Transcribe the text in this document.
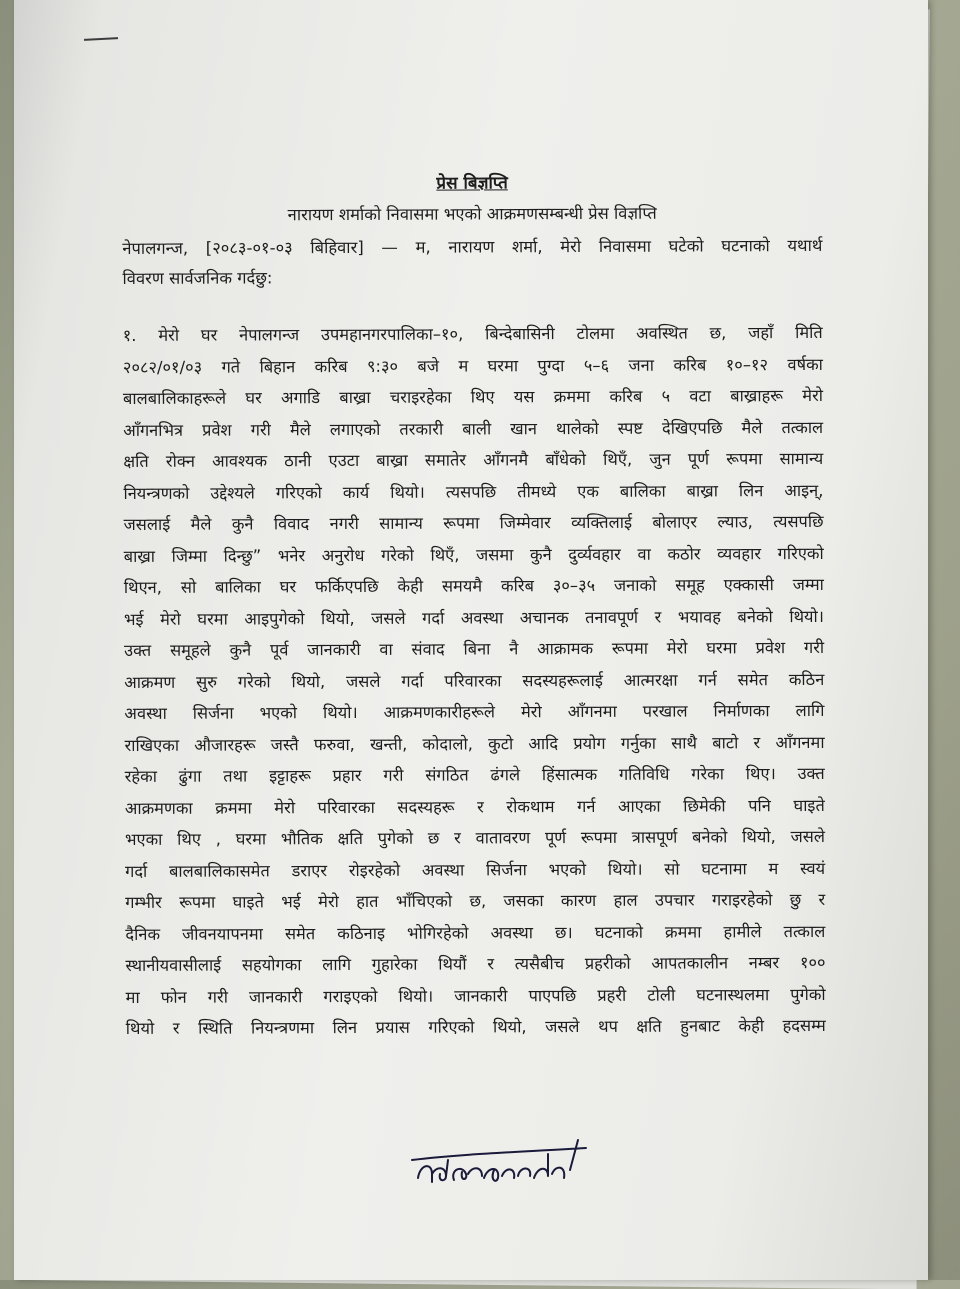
प्रेस बिज्ञप्ति
नारायण शर्माको निवासमा भएको आक्रमणसम्बन्धी प्रेस विज्ञप्ति
नेपालगन्ज, [२०८३-०१-०३ बिहिवार] — म, नारायण शर्मा, मेरो निवासमा घटेको घटनाको यथार्थ
विवरण सार्वजनिक गर्दछु:
१. मेरो घर नेपालगन्ज उपमहानगरपालिका–१०, बिन्देबासिनी टोलमा अवस्थित छ, जहाँ मिति
२०८२/०१/०३ गते बिहान करिब ९:३० बजे म घरमा पुग्दा ५–६ जना करिब १०–१२ वर्षका
बालबालिकाहरूले घर अगाडि बाख्रा चराइरहेका थिए यस क्रममा करिब ५ वटा बाख्राहरू मेरो
आँगनभित्र प्रवेश गरी मैले लगाएको तरकारी बाली खान थालेको स्पष्ट देखिएपछि मैले तत्काल
क्षति रोक्न आवश्यक ठानी एउटा बाख्रा समातेर आँगनमै बाँधेको थिएँ, जुन पूर्ण रूपमा सामान्य
नियन्त्रणको उद्देश्यले गरिएको कार्य थियो। त्यसपछि तीमध्ये एक बालिका बाख्रा लिन आइन्,
जसलाई मैले कुनै विवाद नगरी सामान्य रूपमा जिम्मेवार व्यक्तिलाई बोलाएर ल्याउ, त्यसपछि
बाख्रा जिम्मा दिन्छु” भनेर अनुरोध गरेको थिएँ, जसमा कुनै दुर्व्यवहार वा कठोर व्यवहार गरिएको
थिएन, सो बालिका घर फर्किएपछि केही समयमै करिब ३०–३५ जनाको समूह एक्कासी जम्मा
भई मेरो घरमा आइपुगेको थियो, जसले गर्दा अवस्था अचानक तनावपूर्ण र भयावह बनेको थियो।
उक्त समूहले कुनै पूर्व जानकारी वा संवाद बिना नै आक्रामक रूपमा मेरो घरमा प्रवेश गरी
आक्रमण सुरु गरेको थियो, जसले गर्दा परिवारका सदस्यहरूलाई आत्मरक्षा गर्न समेत कठिन
अवस्था सिर्जना भएको थियो। आक्रमणकारीहरूले मेरो आँगनमा परखाल निर्माणका लागि
राखिएका औजारहरू जस्तै फरुवा, खन्ती, कोदालो, कुटो आदि प्रयोग गर्नुका साथै बाटो र आँगनमा
रहेका ढुंगा तथा इट्टाहरू प्रहार गरी संगठित ढंगले हिंसात्मक गतिविधि गरेका थिए। उक्त
आक्रमणका क्रममा मेरो परिवारका सदस्यहरू र रोकथाम गर्न आएका छिमेकी पनि घाइते
भएका थिए , घरमा भौतिक क्षति पुगेको छ र वातावरण पूर्ण रूपमा त्रासपूर्ण बनेको थियो, जसले
गर्दा बालबालिकासमेत डराएर रोइरहेको अवस्था सिर्जना भएको थियो। सो घटनामा म स्वयं
गम्भीर रूपमा घाइते भई मेरो हात भाँचिएको छ, जसका कारण हाल उपचार गराइरहेको छु र
दैनिक जीवनयापनमा समेत कठिनाइ भोगिरहेको अवस्था छ। घटनाको क्रममा हामीले तत्काल
स्थानीयवासीलाई सहयोगका लागि गुहारेका थियौं र त्यसैबीच प्रहरीको आपतकालीन नम्बर १००
मा फोन गरी जानकारी गराइएको थियो। जानकारी पाएपछि प्रहरी टोली घटनास्थलमा पुगेको
थियो र स्थिति नियन्त्रणमा लिन प्रयास गरिएको थियो, जसले थप क्षति हुनबाट केही हदसम्म
